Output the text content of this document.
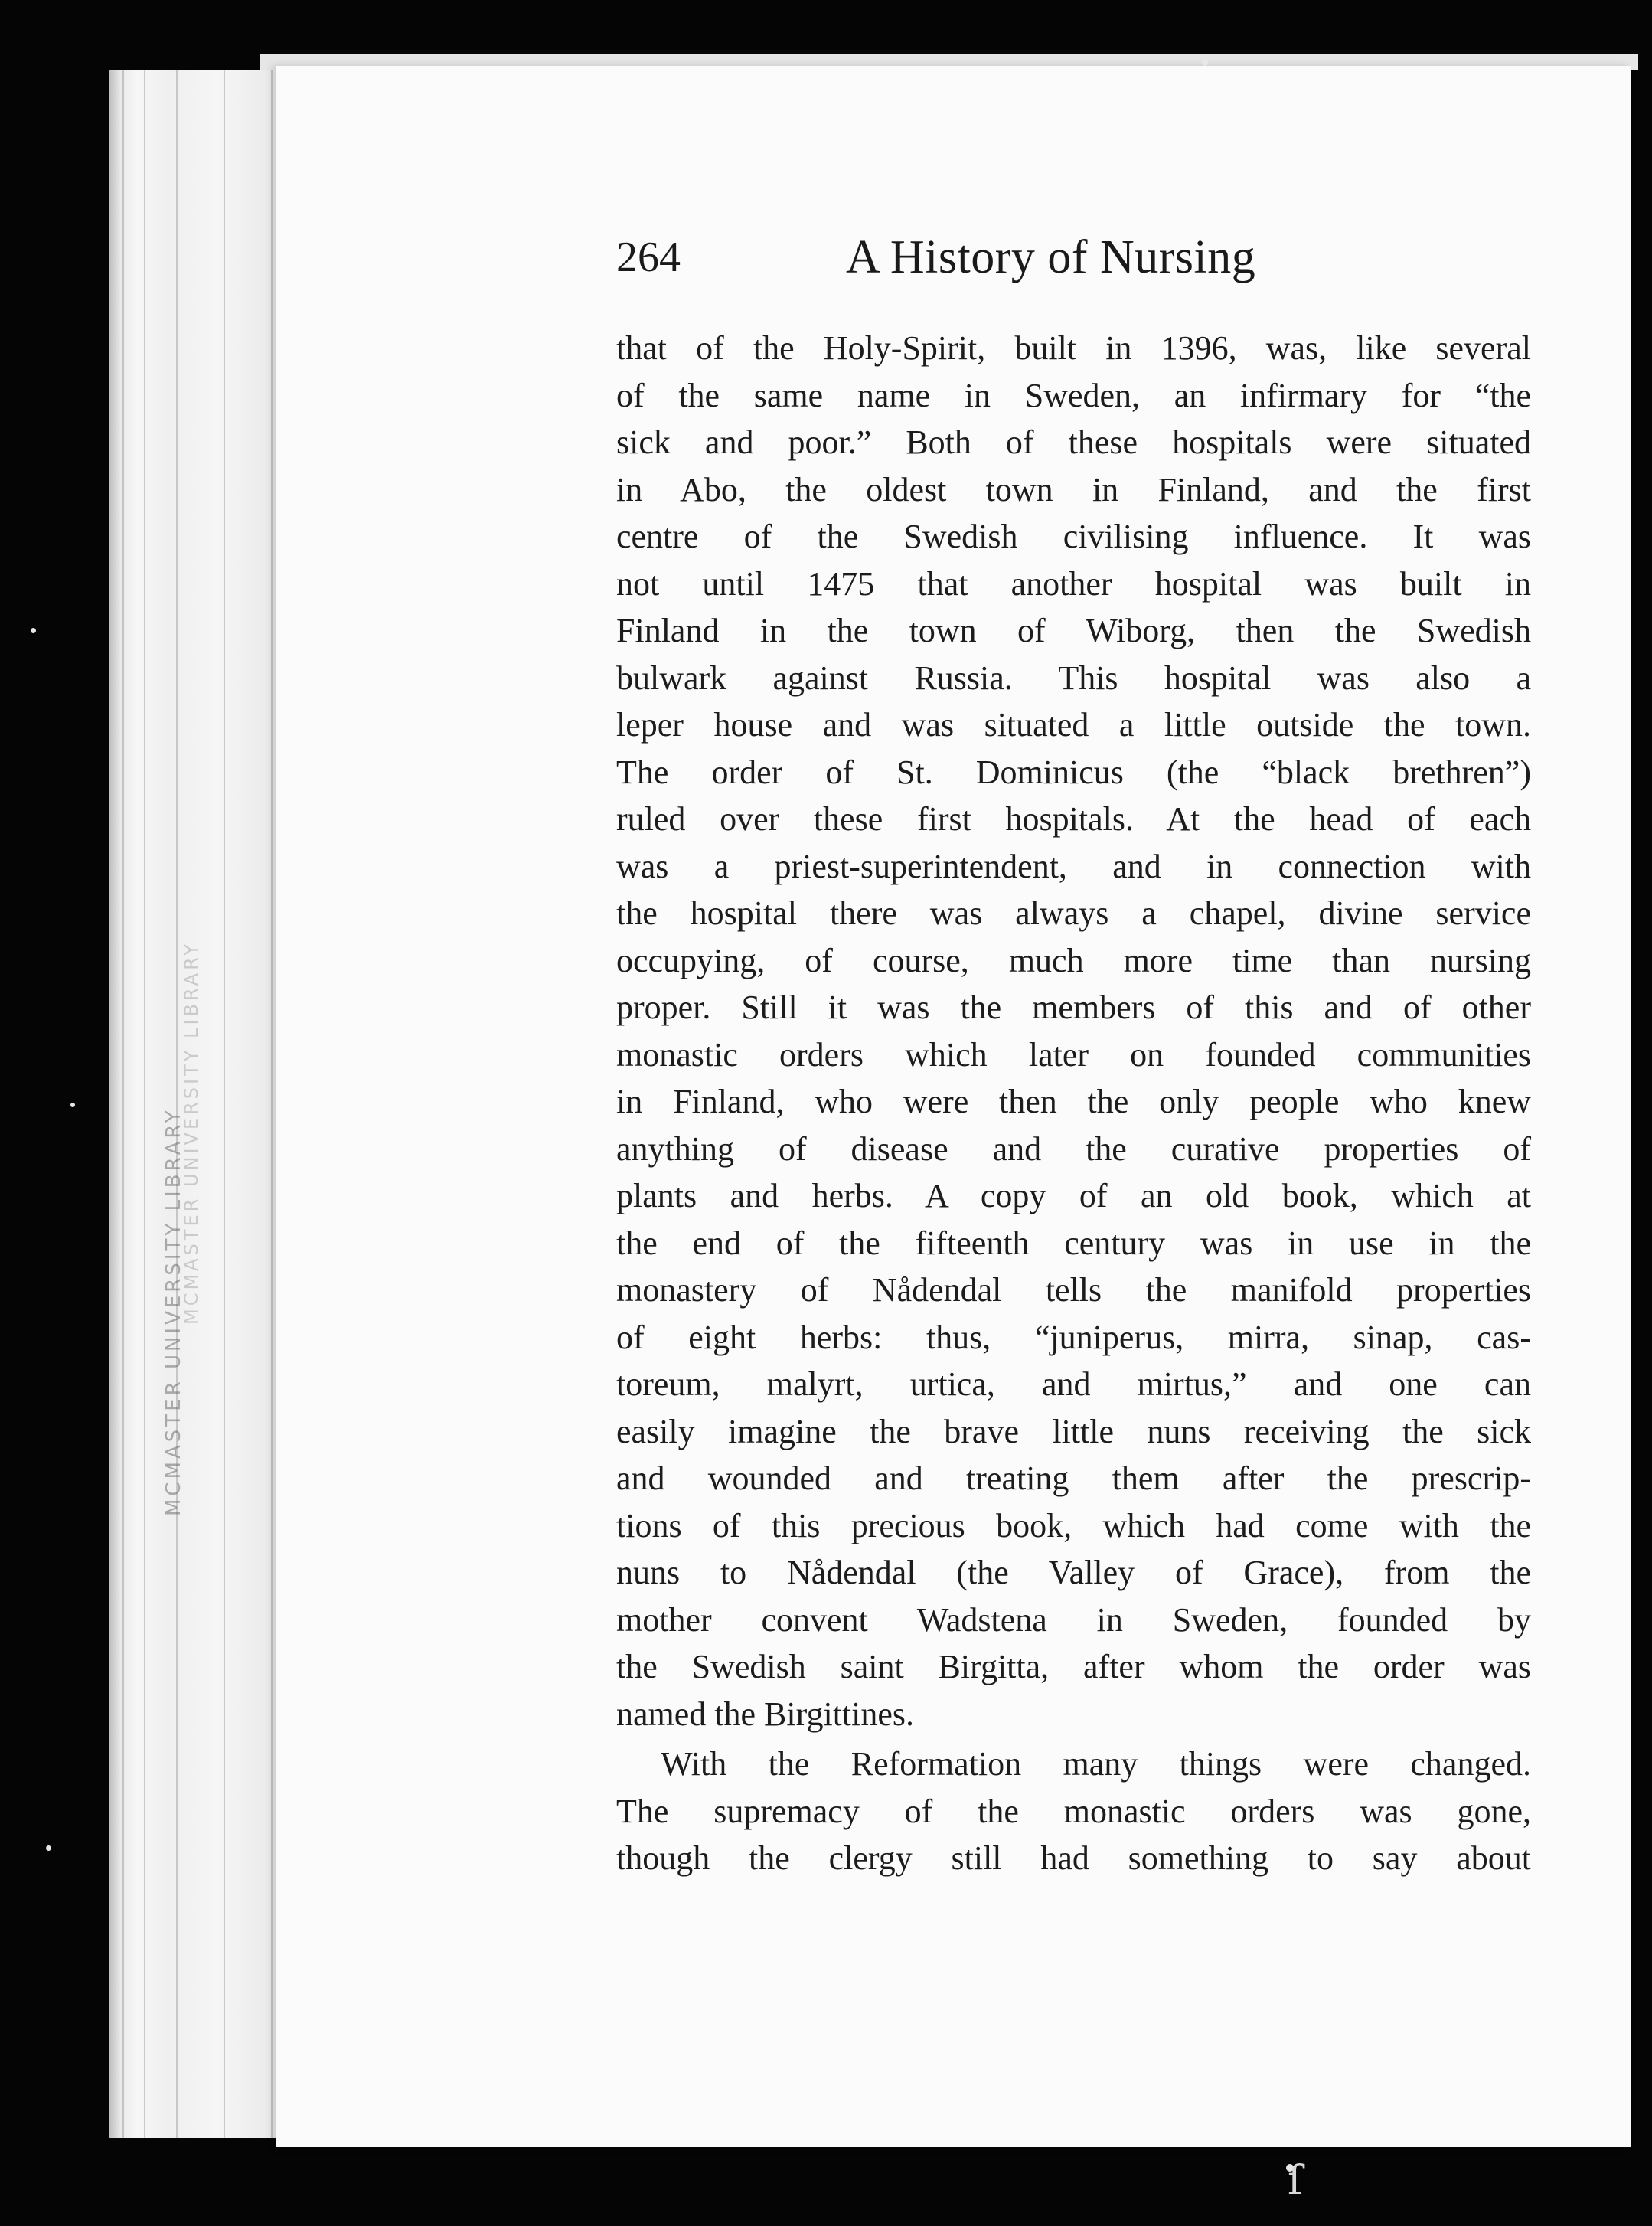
MCMASTER UNIVERSITY LIBRARY
MCMASTER UNIVERSITY LIBRARY
264	A History of Nursing
that of the Holy-Spirit, built in 1396, was, like several
of the same name in Sweden, an infirmary for “the
sick and poor.” Both of these hospitals were situated
in Abo, the oldest town in Finland, and the first
centre of the Swedish civilising influence. It was
not until 1475 that another hospital was built in
Finland in the town of Wiborg, then the Swedish
bulwark against Russia. This hospital was also a
leper house and was situated a little outside the town.
The order of St. Dominicus (the “black brethren”)
ruled over these first hospitals. At the head of each
was a priest-superintendent, and in connection with
the hospital there was always a chapel, divine service
occupying, of course, much more time than nursing
proper. Still it was the members of this and of other
monastic orders which later on founded communities
in Finland, who were then the only people who knew
anything of disease and the curative properties of
plants and herbs. A copy of an old book, which at
the end of the fifteenth century was in use in the
monastery of Nådendal tells the manifold properties
of eight herbs: thus, “juniperus, mirra, sinap, cas-
toreum, malyrt, urtica, and mirtus,” and one can
easily imagine the brave little nuns receiving the sick
and wounded and treating them after the prescrip-
tions of this precious book, which had come with the
nuns to Nådendal (the Valley of Grace), from the
mother convent Wadstena in Sweden, founded by
the Swedish saint Birgitta, after whom the order was
named the Birgittines.
With the Reformation many things were changed.
The supremacy of the monastic orders was gone,
though the clergy still had something to say about
ſ
